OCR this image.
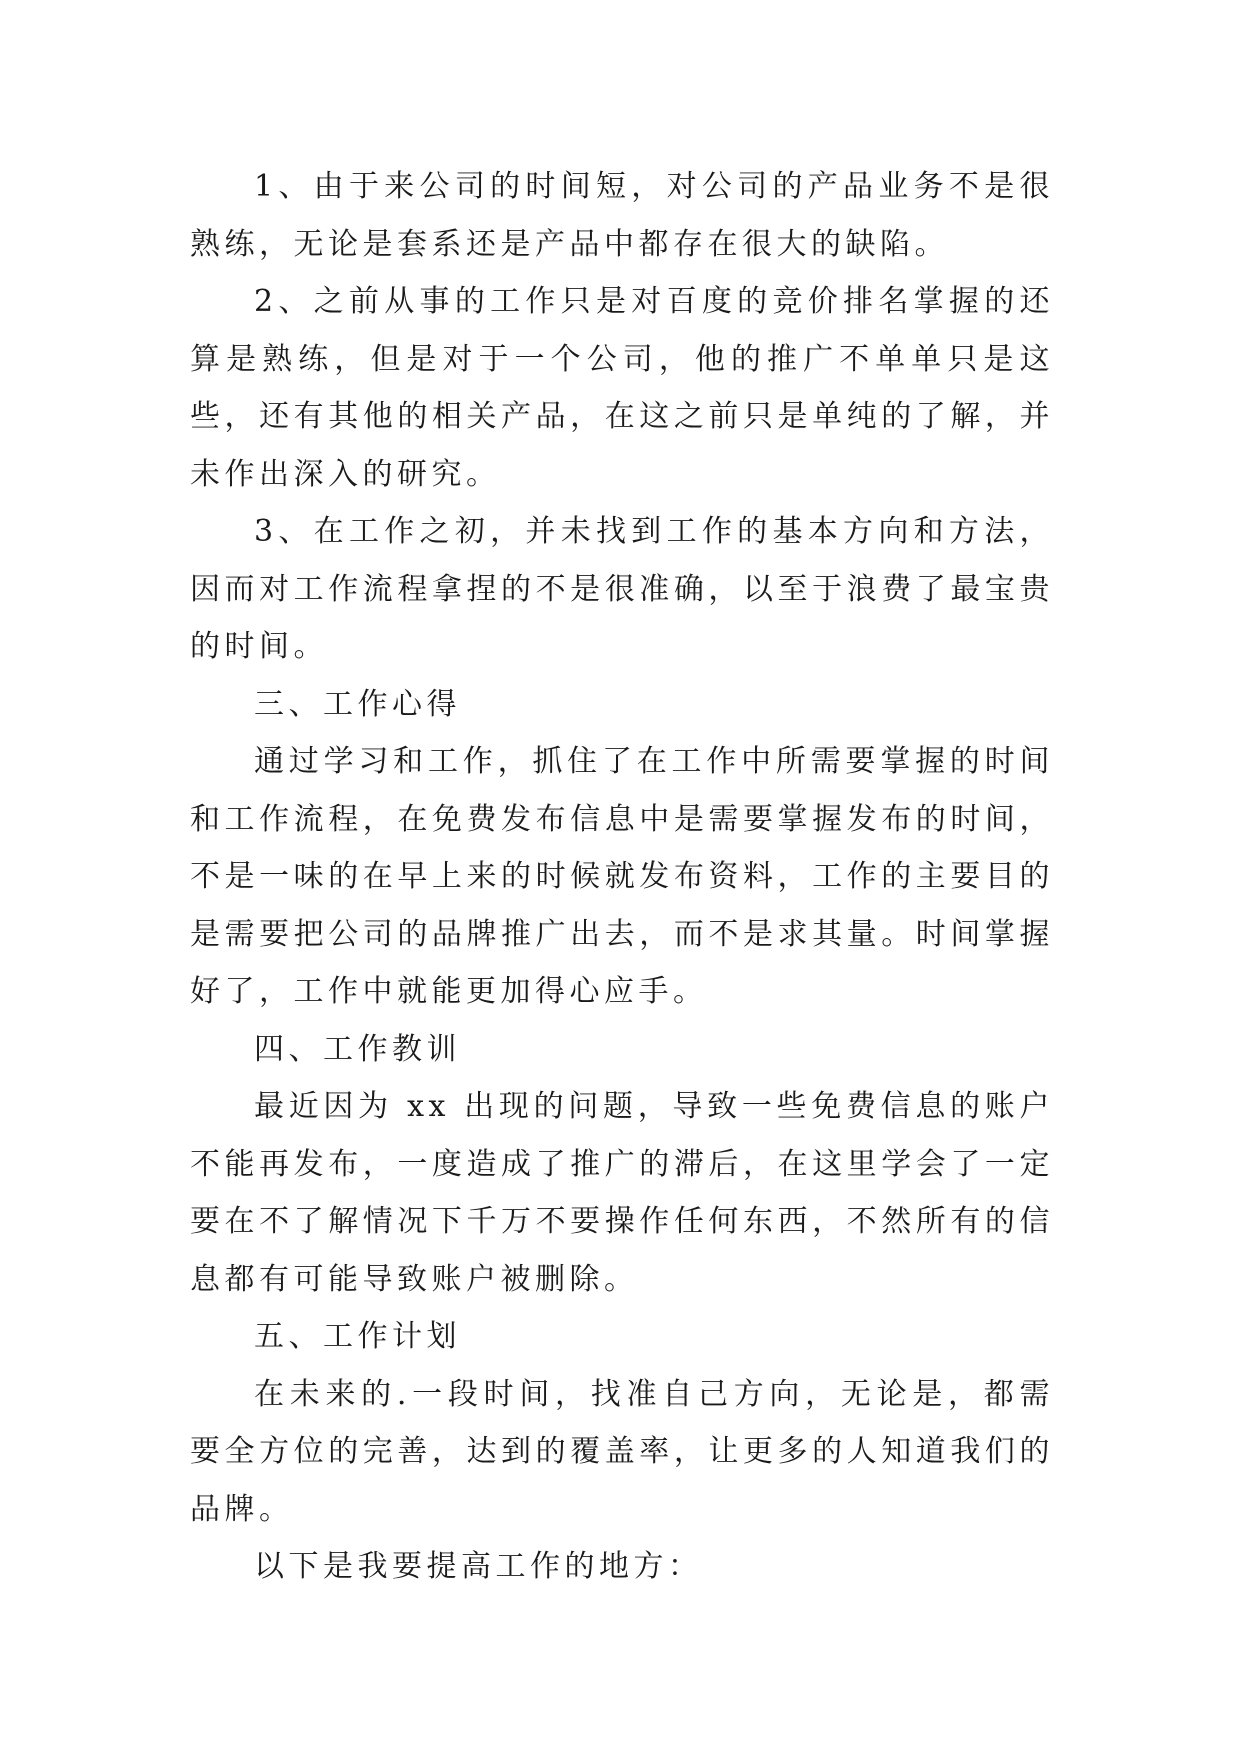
1、由于来公司的时间短，对公司的产品业务不是很熟练，无论是套系还是产品中都存在很大的缺陷。

2、之前从事的工作只是对百度的竞价排名掌握的还算是熟练，但是对于一个公司，他的推广不单单只是这些，还有其他的相关产品，在这之前只是单纯的了解，并未作出深入的研究。

3、在工作之初，并未找到工作的基本方向和方法，因而对工作流程拿捏的不是很准确，以至于浪费了最宝贵的时间。

三、工作心得

通过学习和工作，抓住了在工作中所需要掌握的时间和工作流程，在免费发布信息中是需要掌握发布的时间，不是一味的在早上来的时候就发布资料，工作的主要目的是需要把公司的品牌推广出去，而不是求其量。时间掌握好了，工作中就能更加得心应手。

四、工作教训

最近因为 xx 出现的问题，导致一些免费信息的账户不能再发布，一度造成了推广的滞后，在这里学会了一定要在不了解情况下千万不要操作任何东西，不然所有的信息都有可能导致账户被删除。

五、工作计划

在未来的.一段时间，找准自己方向，无论是，都需要全方位的完善，达到的覆盖率，让更多的人知道我们的品牌。

以下是我要提高工作的地方：
